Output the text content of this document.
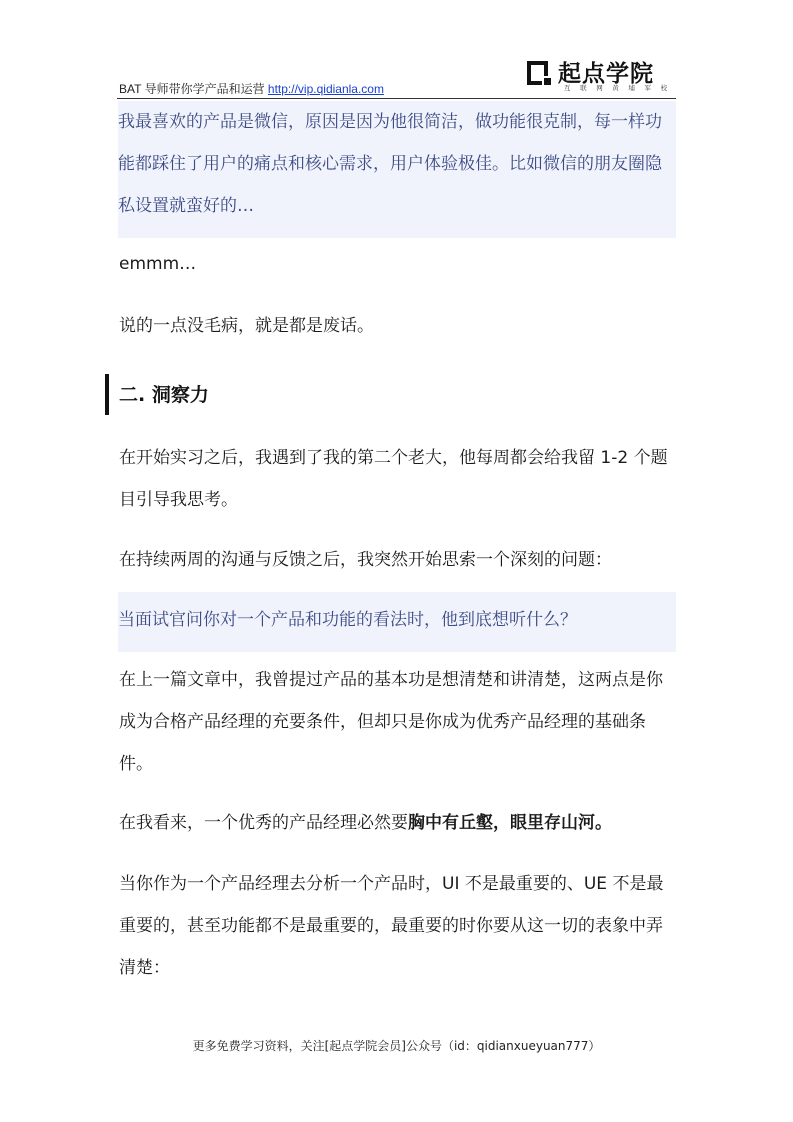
BAT 导师带你学产品和运营 http://vip.qidianla.com
起点学院
互联网黄埔军校

我最喜欢的产品是微信，原因是因为他很简洁，做功能很克制，每一样功能都踩住了用户的痛点和核心需求，用户体验极佳。比如微信的朋友圈隐私设置就蛮好的…

emmm…

说的一点没毛病，就是都是废话。

二. 洞察力

在开始实习之后，我遇到了我的第二个老大，他每周都会给我留 1-2 个题目引导我思考。

在持续两周的沟通与反馈之后，我突然开始思索一个深刻的问题：

当面试官问你对一个产品和功能的看法时，他到底想听什么？

在上一篇文章中，我曾提过产品的基本功是想清楚和讲清楚，这两点是你成为合格产品经理的充要条件，但却只是你成为优秀产品经理的基础条件。

在我看来，一个优秀的产品经理必然要胸中有丘壑，眼里存山河。

当你作为一个产品经理去分析一个产品时，UI 不是最重要的、UE 不是最重要的，甚至功能都不是最重要的，最重要的时你要从这一切的表象中弄清楚：

更多免费学习资料，关注[起点学院会员]公众号（id：qidianxueyuan777）
